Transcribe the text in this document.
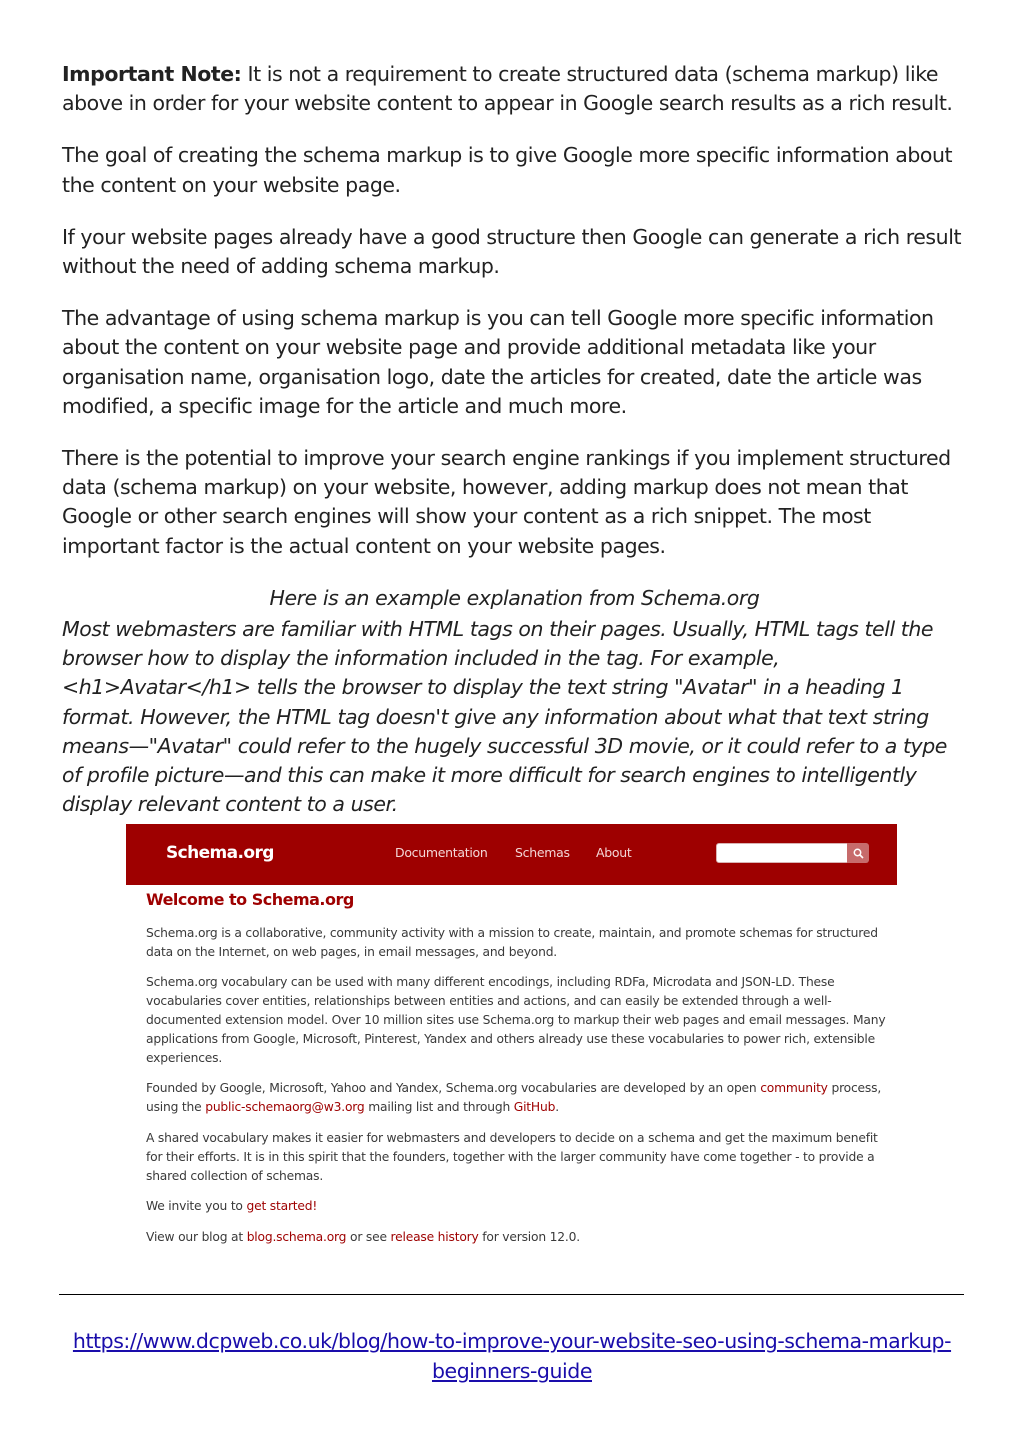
Important Note: It is not a requirement to create structured data (schema markup) like above in order for your website content to appear in Google search results as a rich result.

The goal of creating the schema markup is to give Google more specific information about the content on your website page.

If your website pages already have a good structure then Google can generate a rich result without the need of adding schema markup.

The advantage of using schema markup is you can tell Google more specific information about the content on your website page and provide additional metadata like your organisation name, organisation logo, date the articles for created, date the article was modified, a specific image for the article and much more.

There is the potential to improve your search engine rankings if you implement structured data (schema markup) on your website, however, adding markup does not mean that Google or other search engines will show your content as a rich snippet. The most important factor is the actual content on your website pages.

Here is an example explanation from Schema.org

Most webmasters are familiar with HTML tags on their pages. Usually, HTML tags tell the browser how to display the information included in the tag. For example, <h1>Avatar</h1> tells the browser to display the text string "Avatar" in a heading 1 format. However, the HTML tag doesn't give any information about what that text string means—"Avatar" could refer to the hugely successful 3D movie, or it could refer to a type of profile picture—and this can make it more difficult for search engines to intelligently display relevant content to a user.

Schema.org	Documentation Schemas About
Welcome to Schema.org

Schema.org is a collaborative, community activity with a mission to create, maintain, and promote schemas for structured data on the Internet, on web pages, in email messages, and beyond.

Schema.org vocabulary can be used with many different encodings, including RDFa, Microdata and JSON-LD. These vocabularies cover entities, relationships between entities and actions, and can easily be extended through a well-documented extension model. Over 10 million sites use Schema.org to markup their web pages and email messages. Many applications from Google, Microsoft, Pinterest, Yandex and others already use these vocabularies to power rich, extensible experiences.

Founded by Google, Microsoft, Yahoo and Yandex, Schema.org vocabularies are developed by an open community process, using the public-schemaorg@w3.org mailing list and through GitHub.

A shared vocabulary makes it easier for webmasters and developers to decide on a schema and get the maximum benefit for their efforts. It is in this spirit that the founders, together with the larger community have come together - to provide a shared collection of schemas.

We invite you to get started!

View our blog at blog.schema.org or see release history for version 12.0.

https://www.dcpweb.co.uk/blog/how-to-improve-your-website-seo-using-schema-markup-beginners-guide
